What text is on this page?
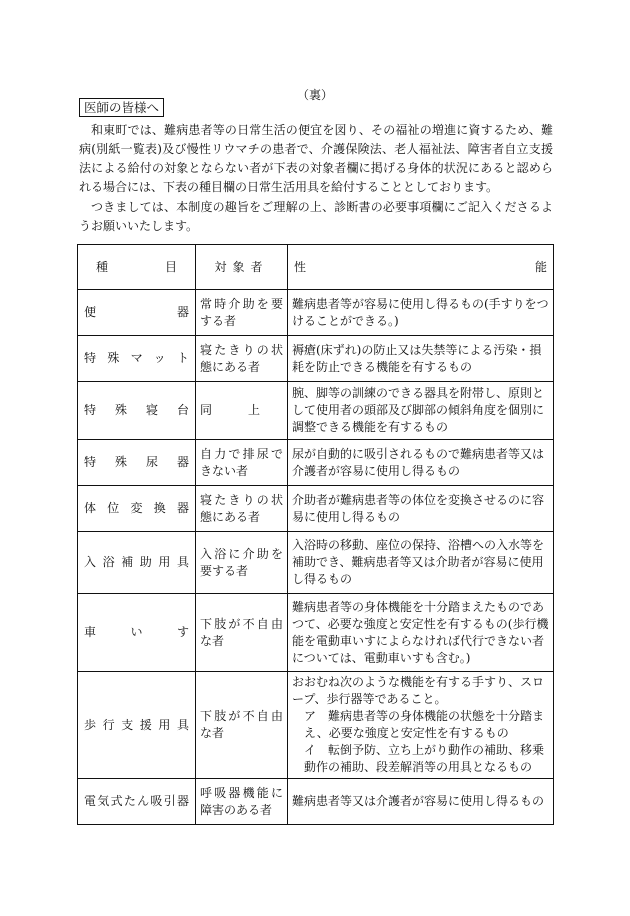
（裏）
医師の皆様へ

和東町では、難病患者等の日常生活の便宜を図り、その福祉の増進に資するため、難病(別紙一覧表)及び慢性リウマチの患者で、介護保険法、老人福祉法、障害者自立支援法による給付の対象とならない者が下表の対象者欄に掲げる身体的状況にあると認められる場合には、下表の種目欄の日常生活用具を給付することとしております。

つきましては、本制度の趣旨をご理解の上、診断書の必要事項欄にご記入くださるようお願いいたします。

種 目	対象者	性 能

便器	常時介助を要する者	難病患者等が容易に使用し得るもの(手すりをつけることができる。)

特殊マット	寝たきりの状態にある者	褥瘡(床ずれ)の防止又は失禁等による汚染・損耗を防止できる機能を有するもの

特殊寝台	同　　　上	腕、脚等の訓練のできる器具を附帯し、原則として使用者の頭部及び脚部の傾斜角度を個別に調整できる機能を有するもの

特殊尿器	自力で排尿できない者	尿が自動的に吸引されるもので難病患者等又は介護者が容易に使用し得るもの

体位変換器	寝たきりの状態にある者	介助者が難病患者等の体位を変換させるのに容易に使用し得るもの

入浴補助用具	入浴に介助を要する者	入浴時の移動、座位の保持、浴槽への入水等を補助でき、難病患者等又は介助者が容易に使用し得るもの

車いす	下肢が不自由な者	難病患者等の身体機能を十分踏まえたものであつて、必要な強度と安定性を有するもの(歩行機能を電動車いすによらなければ代行できない者については、電動車いすも含む。)

歩行支援用具	下肢が不自由な者	おおむね次のような機能を有する手すり、スロープ、歩行器等であること。
ア　難病患者等の身体機能の状態を十分踏まえ、必要な強度と安定性を有するもの
イ　転倒予防、立ち上がり動作の補助、移乗動作の補助、段差解消等の用具となるもの

電気式たん吸引器	呼吸器機能に障害のある者	難病患者等又は介護者が容易に使用し得るもの
